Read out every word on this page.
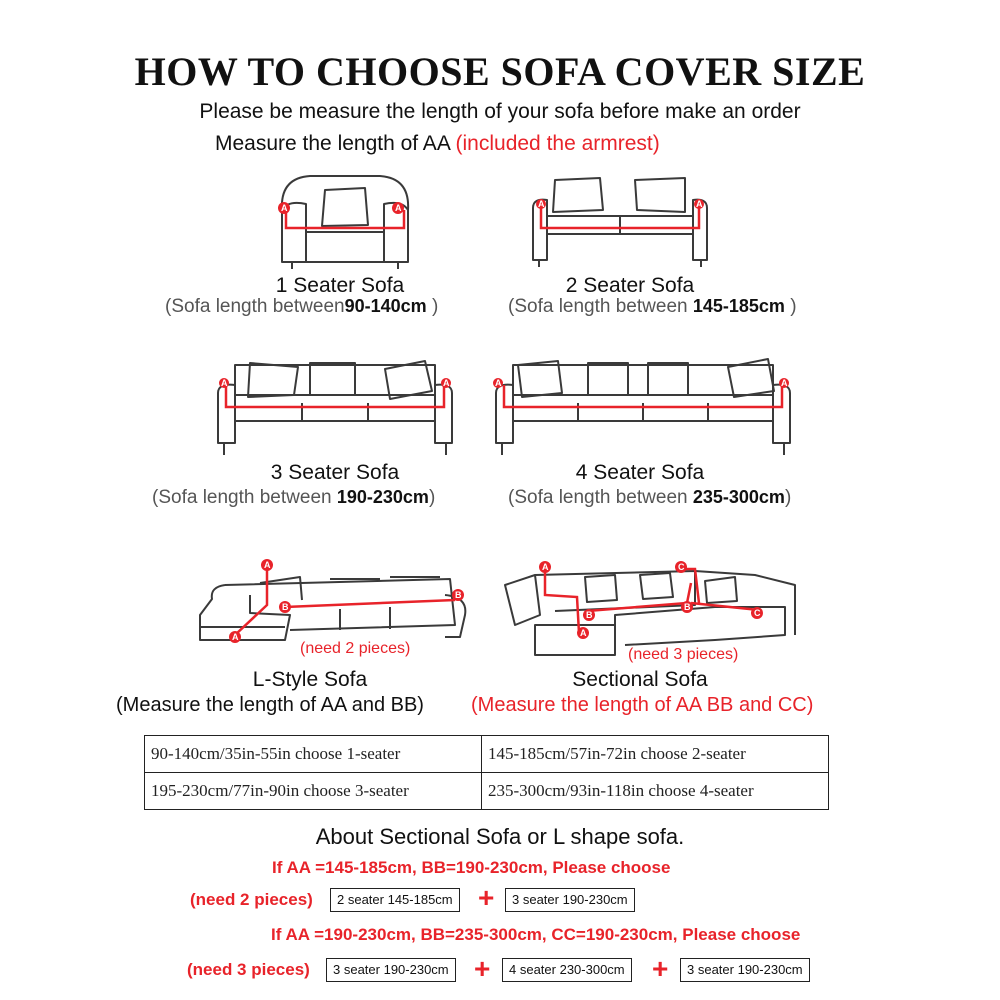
HOW TO CHOOSE SOFA COVER SIZE
Please be measure the length of your sofa before make an order
Measure the length of AA (included the armrest)
A	A
1 Seater Sofa
(Sofa length between90-140cm )
A	A
2 Seater Sofa
(Sofa length between 145-185cm )
A	A
3 Seater Sofa
(Sofa length between 190-230cm)
A	A
4 Seater Sofa
(Sofa length between 235-300cm)
A
A
B
B
(need 2 pieces)
L-Style Sofa
A
A
B
B
C
C
(need 3 pieces)
Sectional Sofa
(Measure the length of AA and BB) (Measure the length of AA BB and CC)
90-140cm/35in-55in choose 1-seater	145-185cm/57in-72in choose 2-seater
195-230cm/77in-90in choose 3-seater	235-300cm/93in-118in choose 4-seater
About Sectional Sofa or L shape sofa.
If AA =145-185cm, BB=190-230cm, Please choose
(need 2 pieces)	2 seater 145-185cm +	3 seater 190-230cm
If AA =190-230cm, BB=235-300cm, CC=190-230cm, Please choose
(need 3 pieces)	3 seater 190-230cm +	4 seater 230-300cm +	3 seater 190-230cm
